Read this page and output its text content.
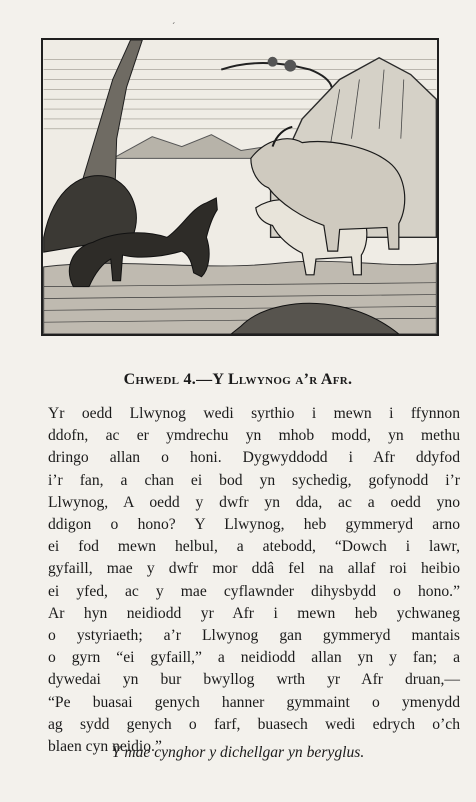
´
Chwedl 4.—Y Llwynog a’r Afr.
Yr oedd Llwynog wedi syrthio i mewn i ffynnon
ddofn, ac er ymdrechu yn mhob modd, yn methu
dringo allan o honi. Dygwyddodd i Afr ddyfod
i’r fan, a chan ei bod yn sychedig, gofynodd i’r
Llwynog, A oedd y dwfr yn dda, ac a oedd yno
ddigon o hono? Y Llwynog, heb gymmeryd arno
ei fod mewn helbul, a atebodd, “Dowch i lawr,
gyfaill, mae y dwfr mor ddâ fel na allaf roi heibio
ei yfed, ac y mae cyflawnder dihysbydd o hono.”
Ar hyn neidiodd yr Afr i mewn heb ychwaneg
o ystyriaeth; a’r Llwynog gan gymmeryd mantais
o gyrn “ei gyfaill,” a neidiodd allan yn y fan; a
dywedai yn bur bwyllog wrth yr Afr druan,—
“Pe buasai genych hanner gymmaint o ymenydd
ag sydd genych o farf, buasech wedi edrych o’ch
blaen cyn neidio.”
Y mae cynghor y dichellgar yn beryglus.
